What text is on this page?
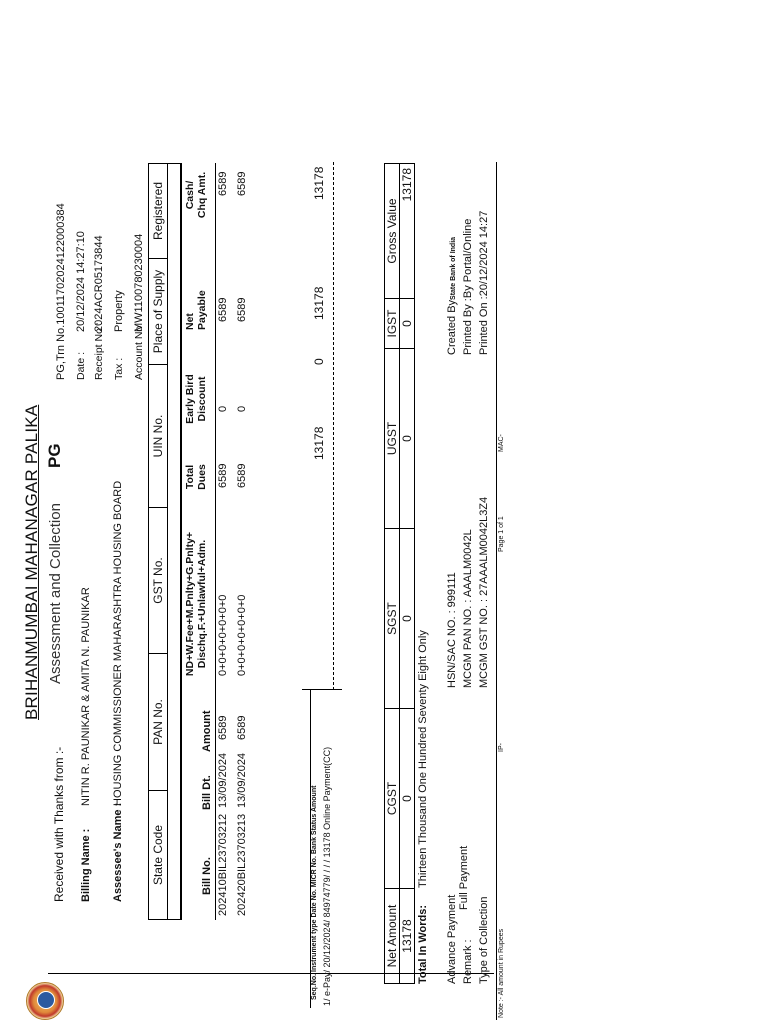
BRIHANMUMBAI MAHANAGAR PALIKA Assessment and Collection
PG
Received with Thanks from :- Billing Name :
NITIN R. PAUNIKAR & AMITA N. PAUNIKAR
Assessee's Name :
HOUSING COMMISSIONER MAHARASHTRA HOUSING BOARD
PG,Trn No.1001170202412200038​4 Date :
20/12/2024 14:27:10
Receipt No :
2024ACR05173844
Tax :
Property
Account No
MW1100780230004
State Code
PAN No.
GST No.
UIN No.
Place of Supply
Registered
Bill No.
Bill Dt.
Amount
ND+W.Fee+M.Pnlty+G.Pnlty+
Dischq.F.+Unlawful+Adm.
Total
Dues
Early Bird
Discount
Net
Payable
Cash/
Chq Amt.
202410BIL23703212
13/09/2024
6589
0+0+0+0+0+0+0
6589
0
6589
6589
202420BIL23703213
13/09/2024
6589
0+0+0+0+0+0+0
6589
0
6589
6589
Seq.No. Instrument type Date No. MICR No. Bank Status Amount 1/ e-Pay/ 20/12/2024/ 84974779/ / / / 13178 Online Payment(CC)
13178
0
13178
13178
Net Amount
CGST
SGST
UGST
IGST
Gross Value
13178
0
0
0
0
13178
Total In Words:
Thirteen Thousand One Hundred Seventy Eight Only
Advance Payment Remark :
Full Payment
Type of Collection
HSN/SAC NO. : 999111 MCGM PAN NO. : AAALM0042L MCGM GST NO. : 27AAALM0042L3Z4
Created ByState Bank of India Printed By :By Portal/Online Printed On :20/12/2024 14:27
Note :- All amount in Rupees
IP-
Page 1 of 1
MAC-
